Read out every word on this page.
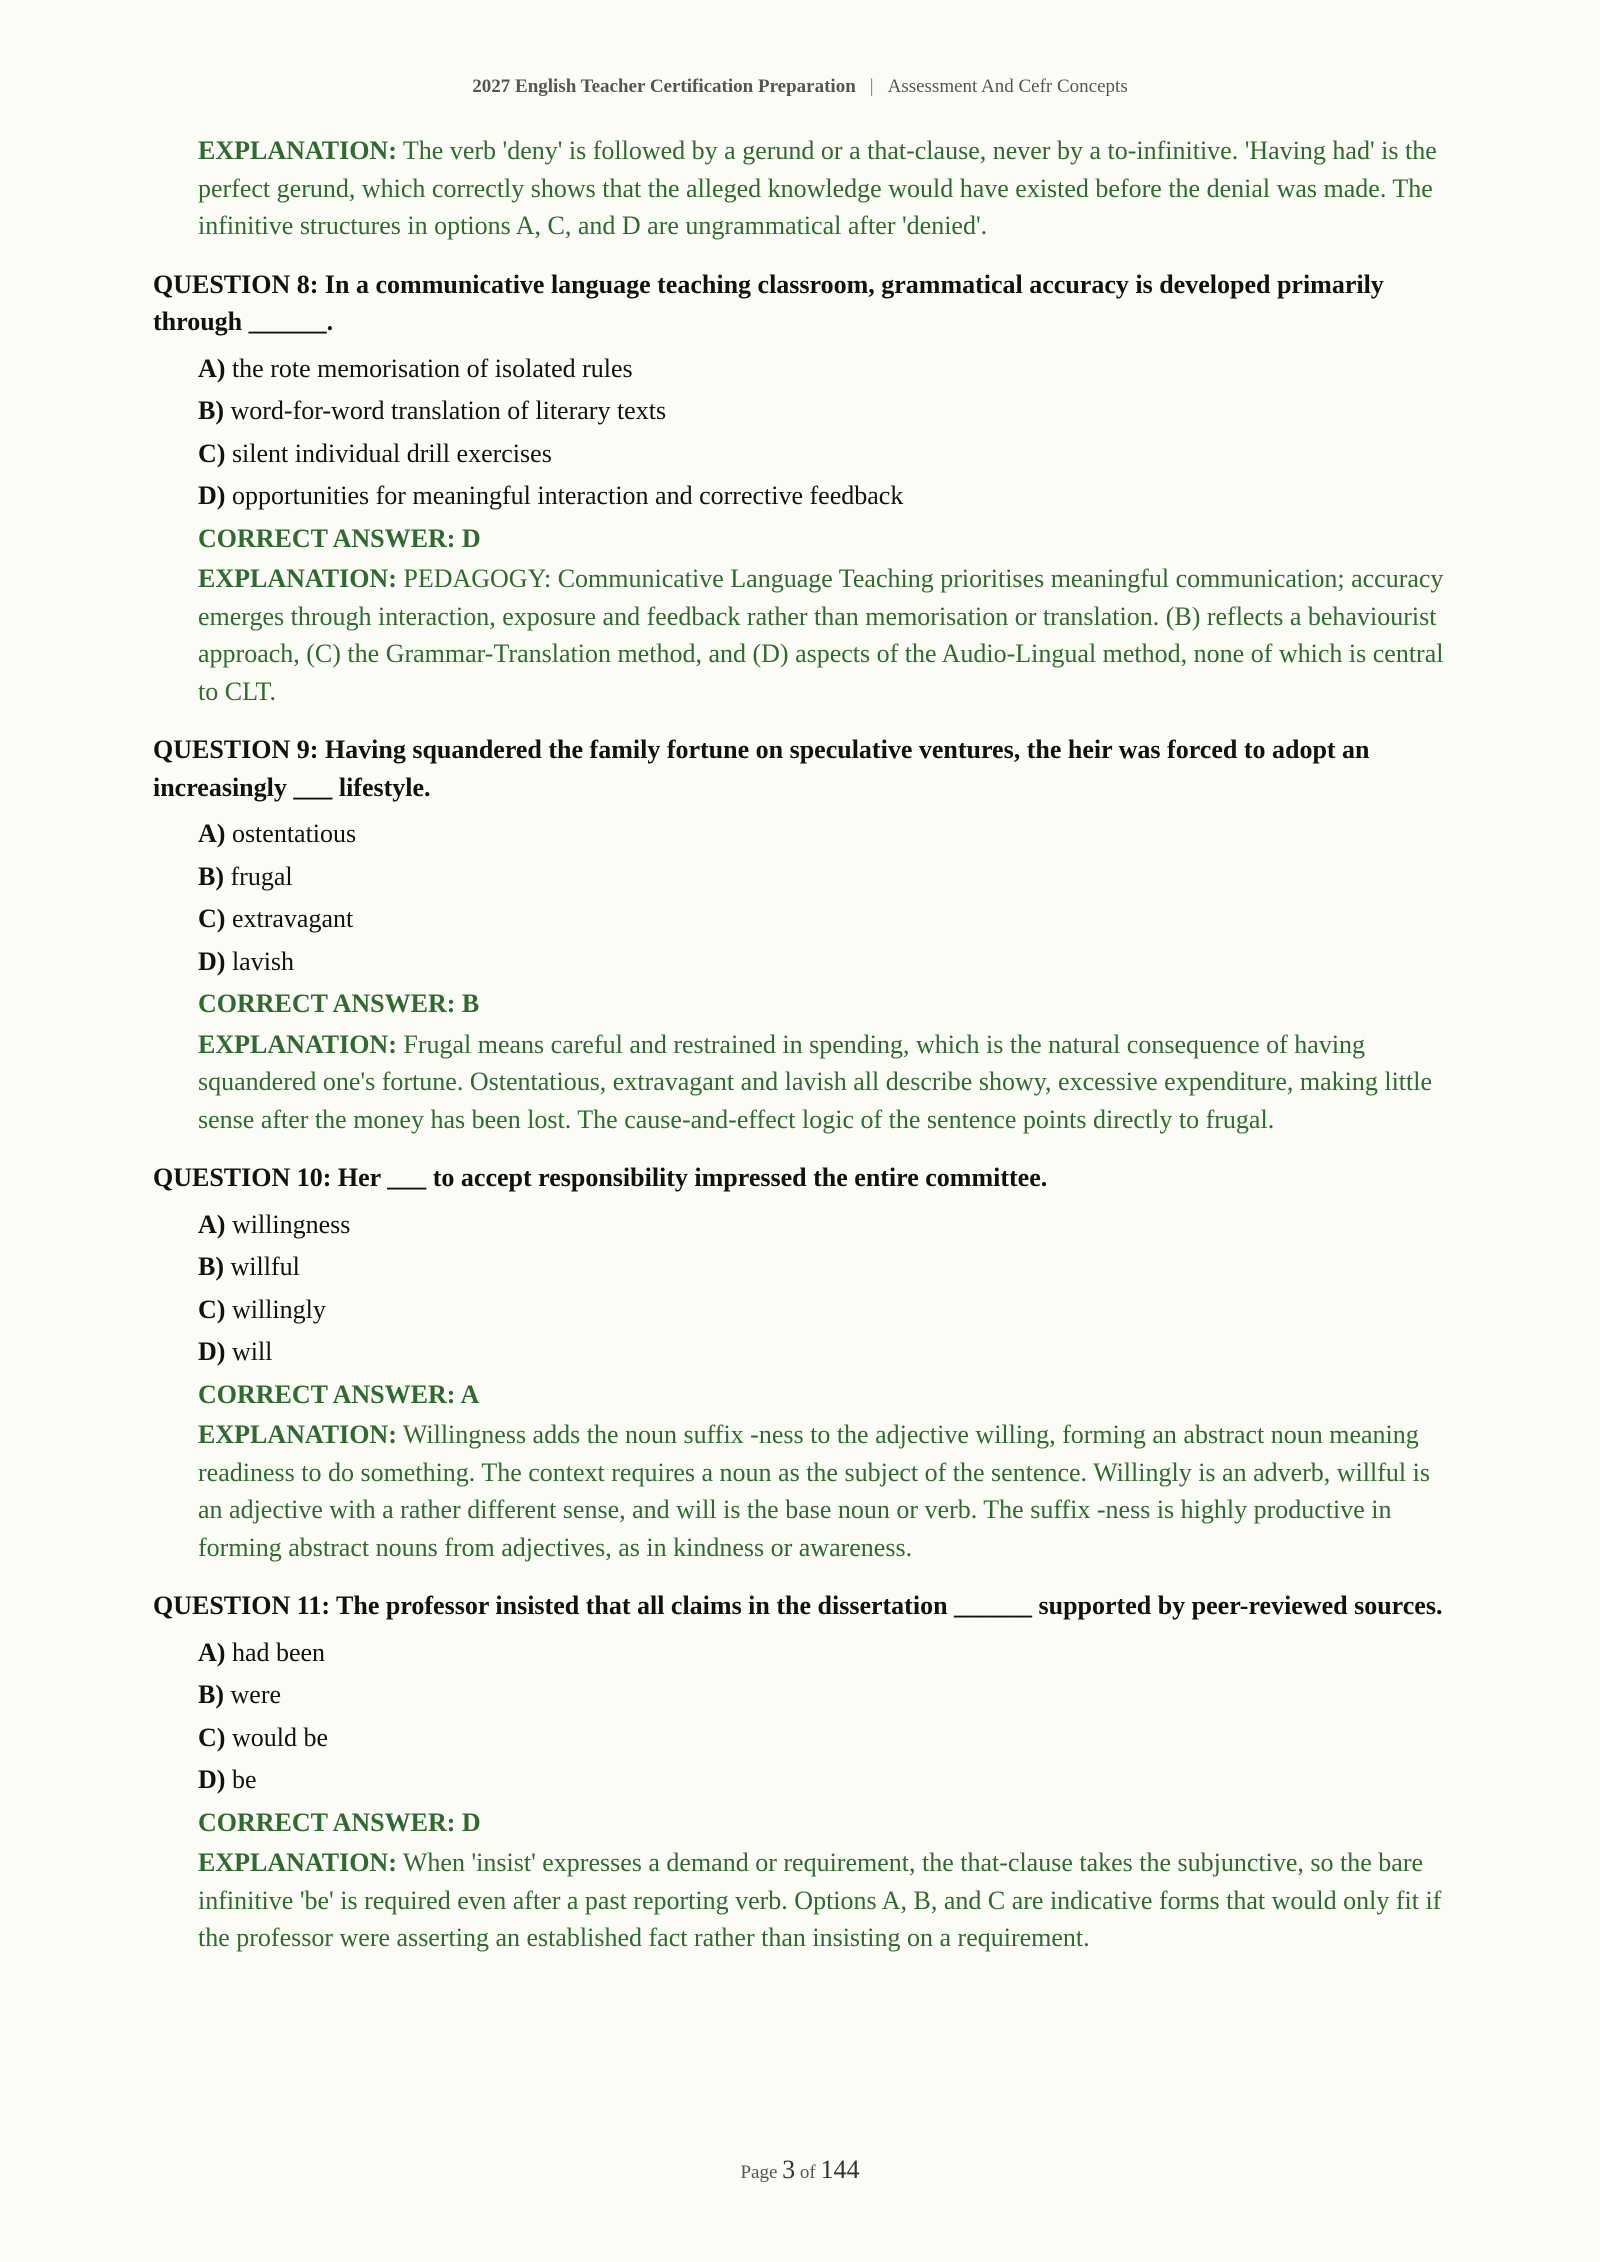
2027 English Teacher Certification Preparation | Assessment And Cefr Concepts
EXPLANATION: The verb 'deny' is followed by a gerund or a that-clause, never by a to-infinitive. 'Having had' is the perfect gerund, which correctly shows that the alleged knowledge would have existed before the denial was made. The infinitive structures in options A, C, and D are ungrammatical after 'denied'.
QUESTION 8: In a communicative language teaching classroom, grammatical accuracy is developed primarily through ______.
A) the rote memorisation of isolated rules
B) word-for-word translation of literary texts
C) silent individual drill exercises
D) opportunities for meaningful interaction and corrective feedback
CORRECT ANSWER: D
EXPLANATION: PEDAGOGY: Communicative Language Teaching prioritises meaningful communication; accuracy emerges through interaction, exposure and feedback rather than memorisation or translation. (B) reflects a behaviourist approach, (C) the Grammar-Translation method, and (D) aspects of the Audio-Lingual method, none of which is central to CLT.
QUESTION 9: Having squandered the family fortune on speculative ventures, the heir was forced to adopt an increasingly ___ lifestyle.
A) ostentatious
B) frugal
C) extravagant
D) lavish
CORRECT ANSWER: B
EXPLANATION: Frugal means careful and restrained in spending, which is the natural consequence of having squandered one's fortune. Ostentatious, extravagant and lavish all describe showy, excessive expenditure, making little sense after the money has been lost. The cause-and-effect logic of the sentence points directly to frugal.
QUESTION 10: Her ___ to accept responsibility impressed the entire committee.
A) willingness
B) willful
C) willingly
D) will
CORRECT ANSWER: A
EXPLANATION: Willingness adds the noun suffix -ness to the adjective willing, forming an abstract noun meaning readiness to do something. The context requires a noun as the subject of the sentence. Willingly is an adverb, willful is an adjective with a rather different sense, and will is the base noun or verb. The suffix -ness is highly productive in forming abstract nouns from adjectives, as in kindness or awareness.
QUESTION 11: The professor insisted that all claims in the dissertation ______ supported by peer-reviewed sources.
A) had been
B) were
C) would be
D) be
CORRECT ANSWER: D
EXPLANATION: When 'insist' expresses a demand or requirement, the that-clause takes the subjunctive, so the bare infinitive 'be' is required even after a past reporting verb. Options A, B, and C are indicative forms that would only fit if the professor were asserting an established fact rather than insisting on a requirement.
Page 3 of 144
